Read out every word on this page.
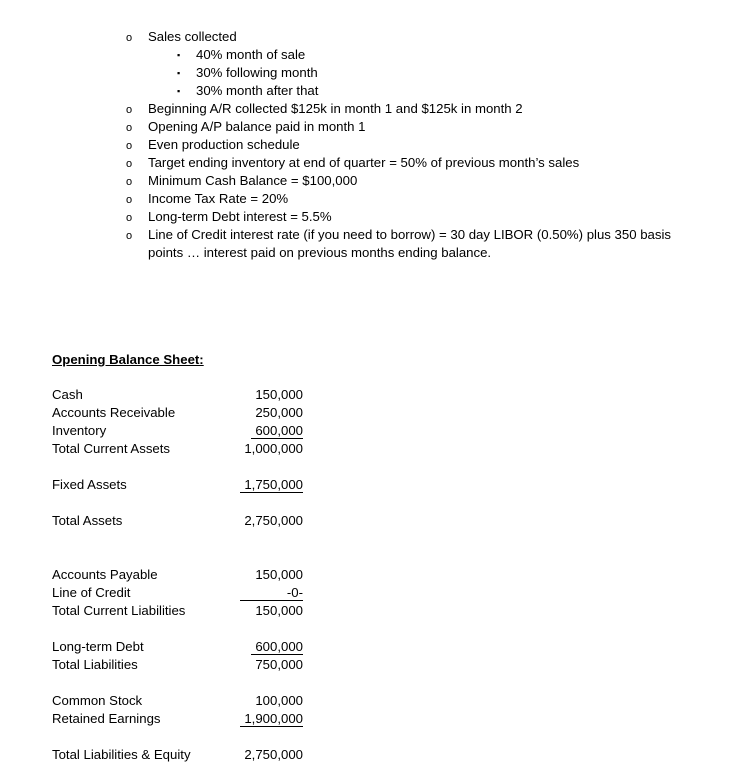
o Sales collected
▪ 40% month of sale
▪ 30% following month
▪ 30% month after that
o Beginning A/R collected $125k in month 1 and $125k in month 2
o Opening A/P balance paid in month 1
o Even production schedule
o Target ending inventory at end of quarter = 50% of previous month’s sales
o Minimum Cash Balance = $100,000
o Income Tax Rate = 20%
o Long-term Debt interest = 5.5%
o Line of Credit interest rate (if you need to borrow) = 30 day LIBOR (0.50%) plus 350 basis points … interest paid on previous months ending balance.
Opening Balance Sheet:
Cash	150,000
Accounts Receivable	250,000
Inventory	600,000
Total Current Assets	1,000,000
Fixed Assets	1,750,000
Total Assets	2,750,000
Accounts Payable	150,000
Line of Credit	-0-
Total Current Liabilities	150,000
Long-term Debt	600,000
Total Liabilities	750,000
Common Stock	100,000
Retained Earnings	1,900,000
Total Liabilities & Equity	2,750,000
